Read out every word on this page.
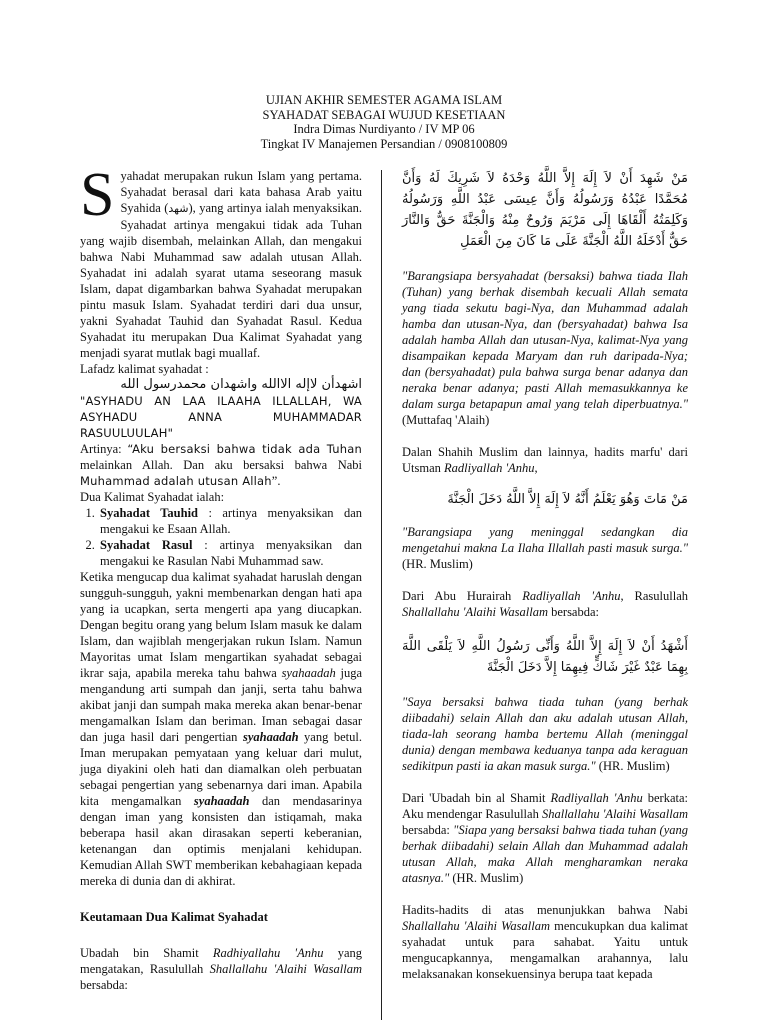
UJIAN AKHIR SEMESTER AGAMA ISLAM
SYAHADAT SEBAGAI WUJUD KESETIAAN
Indra Dimas Nurdiyanto / IV MP 06
Tingkat IV Manajemen Persandian / 0908100809

Syahadat merupakan rukun Islam yang pertama. Syahadat berasal dari kata bahasa Arab yaitu Syahida (شهد), yang artinya ialah menyaksikan. Syahadat artinya mengakui tidak ada Tuhan yang wajib disembah, melainkan Allah, dan mengakui bahwa Nabi Muhammad saw adalah utusan Allah. Syahadat ini adalah syarat utama seseorang masuk Islam, dapat digambarkan bahwa Syahadat merupakan pintu masuk Islam. Syahadat terdiri dari dua unsur, yakni Syahadat Tauhid dan Syahadat Rasul. Kedua Syahadat itu merupakan Dua Kalimat Syahadat yang menjadi syarat mutlak bagi muallaf.

Lafadz kalimat syahadat :

اشهدأن لاإله الاالله واشهدان محمدرسول الله

"ASYHADU AN LAA ILAAHA ILLALLAH, WA ASYHADU ANNA MUHAMMADAR RASUULUULAH"

Artinya: “Aku bersaksi bahwa tidak ada Tuhan melainkan Allah. Dan aku bersaksi bahwa Nabi Muhammad adalah utusan Allah”.

Dua Kalimat Syahadat ialah:

1. Syahadat Tauhid : artinya menyaksikan dan mengakui ke Esaan Allah.
2. Syahadat Rasul : artinya menyaksikan dan mengakui ke Rasulan Nabi Muhammad saw.

Ketika mengucap dua kalimat syahadat haruslah dengan sungguh-sungguh, yakni membenarkan dengan hati apa yang ia ucapkan, serta mengerti apa yang diucapkan. Dengan begitu orang yang belum Islam masuk ke dalam Islam, dan wajiblah mengerjakan rukun Islam. Namun Mayoritas umat Islam mengartikan syahadat sebagai ikrar saja, apabila mereka tahu bahwa syahaadah juga mengandung arti sumpah dan janji, serta tahu bahwa akibat janji dan sumpah maka mereka akan benar-benar mengamalkan Islam dan beriman. Iman sebagai dasar dan juga hasil dari pengertian syahaadah yang betul. Iman merupakan pemyataan yang keluar dari mulut, juga diyakini oleh hati dan diamalkan oleh perbuatan sebagai pengertian yang sebenarnya dari iman. Apabila kita mengamalkan syahaadah dan mendasarinya dengan iman yang konsisten dan istiqamah, maka beberapa hasil akan dirasakan seperti keberanian, ketenangan dan optimis menjalani kehidupan. Kemudian Allah SWT memberikan kebahagiaan kepada mereka di dunia dan di akhirat.

Keutamaan Dua Kalimat Syahadat

Ubadah bin Shamit Radhiyallahu 'Anhu yang mengatakan, Rasulullah Shallallahu 'Alaihi Wasallam bersabda:

مَنْ شَهِدَ أَنْ لاَ إِلَهَ إِلاَّ اللَّهُ وَحْدَهُ لاَ شَرِيكَ لَهُ وَأَنَّ مُحَمَّدًا عَبْدُهُ وَرَسُولُهُ وَأَنَّ عِيسَى عَبْدُ اللَّهِ وَرَسُولُهُ وَكَلِمَتُهُ أَلْقَاهَا إِلَى مَرْيَمَ وَرُوحٌ مِنْهُ وَالْجَنَّةَ حَقٌّ وَالنَّارَ حَقٌّ أَدْخَلَهُ اللَّهُ الْجَنَّةَ عَلَى مَا كَانَ مِنَ الْعَمَلِ

"Barangsiapa bersyahadat (bersaksi) bahwa tiada Ilah (Tuhan) yang berhak disembah kecuali Allah semata yang tiada sekutu bagi-Nya, dan Muhammad adalah hamba dan utusan-Nya, dan (bersyahadat) bahwa Isa adalah hamba Allah dan utusan-Nya, kalimat-Nya yang disampaikan kepada Maryam dan ruh daripada-Nya; dan (bersyahadat) pula bahwa surga benar adanya dan neraka benar adanya; pasti Allah memasukkannya ke dalam surga betapapun amal yang telah diperbuatnya." (Muttafaq 'Alaih)

Dalan Shahih Muslim dan lainnya, hadits marfu' dari Utsman Radliyallah 'Anhu,

مَنْ مَاتَ وَهُوَ يَعْلَمُ أَنَّهُ لاَ إِلَهَ إِلاَّ اللَّهُ دَخَلَ الْجَنَّةَ

"Barangsiapa yang meninggal sedangkan dia mengetahui makna La Ilaha Illallah pasti masuk surga." (HR. Muslim)

Dari Abu Hurairah Radliyallah 'Anhu, Rasulullah Shallallahu 'Alaihi Wasallam bersabda:

أَشْهَدُ أَنْ لاَ إِلَهَ إِلاَّ اللَّهُ وَأَنِّى رَسُولُ اللَّهِ لاَ يَلْقَى اللَّهَ بِهِمَا عَبْدٌ غَيْرَ شَاكٍّ فِيهِمَا إِلاَّ دَخَلَ الْجَنَّةَ

"Saya bersaksi bahwa tiada tuhan (yang berhak diibadahi) selain Allah dan aku adalah utusan Allah, tiada-lah seorang hamba bertemu Allah (meninggal dunia) dengan membawa keduanya tanpa ada keraguan sedikitpun pasti ia akan masuk surga." (HR. Muslim)

Dari 'Ubadah bin al Shamit Radliyallah 'Anhu berkata: Aku mendengar Rasulullah Shallallahu 'Alaihi Wasallam bersabda: "Siapa yang bersaksi bahwa tiada tuhan (yang berhak diibadahi) selain Allah dan Muhammad adalah utusan Allah, maka Allah mengharamkan neraka atasnya." (HR. Muslim)

Hadits-hadits di atas menunjukkan bahwa Nabi Shallallahu 'Alaihi Wasallam mencukupkan dua kalimat syahadat untuk para sahabat. Yaitu untuk mengucapkannya, mengamalkan arahannya, lalu melaksanakan konsekuensinya berupa taat kepada
